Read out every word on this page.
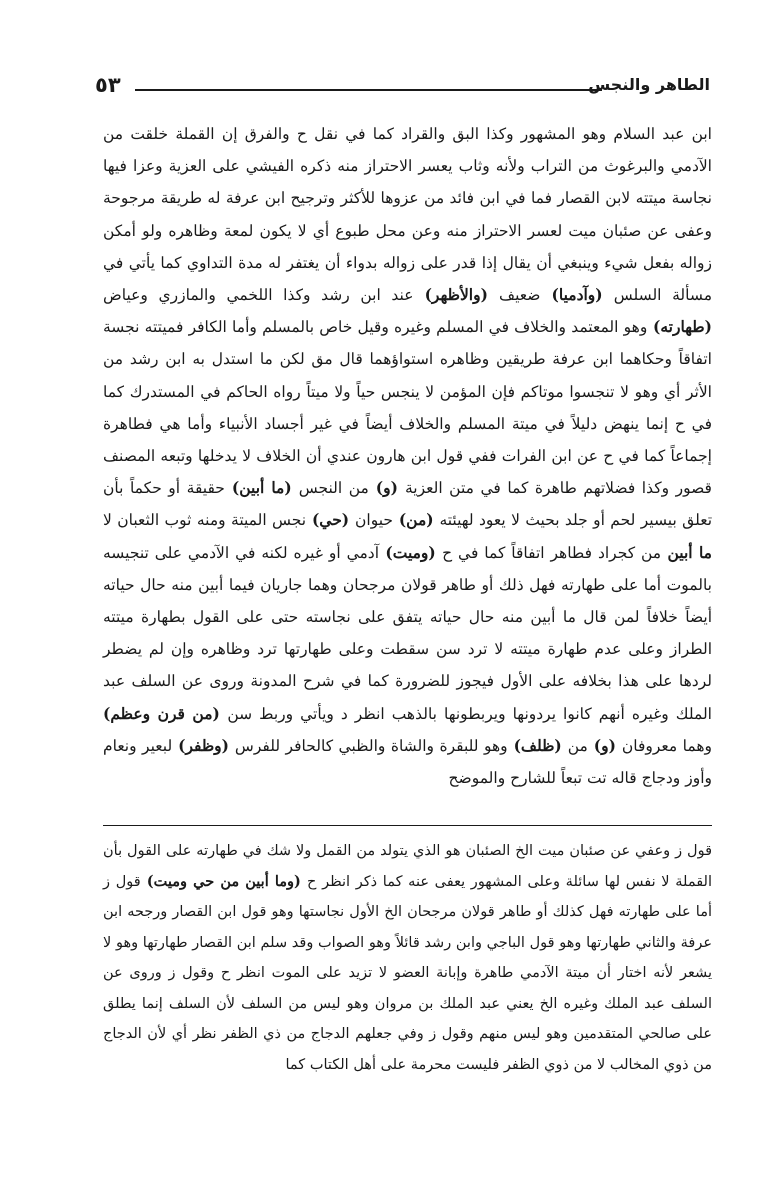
٥٣	الطاهر والنجس

ابن عبد السلام وهو المشهور وكذا البق والقراد كما في نقل ح والفرق إن القملة خلقت من الآدمي والبرغوث من التراب ولأنه وثاب يعسر الاحتراز منه ذكره الفيشي على العزية وعزا فيها نجاسة ميتته لابن القصار فما في ابن فائد من عزوها للأكثر وترجيح ابن عرفة له طريقة مرجوحة وعفى عن صئبان ميت لعسر الاحتراز منه وعن محل طبوع أي لا يكون لمعة وظاهره ولو أمكن زواله بفعل شيء وينبغي أن يقال إذا قدر على زواله بدواء أن يغتفر له مدة التداوي كما يأتي في مسألة السلس (وآدميا) ضعيف (والأظهر) عند ابن رشد وكذا اللخمي والمازري وعياض (طهارته) وهو المعتمد والخلاف في المسلم وغيره وقيل خاص بالمسلم وأما الكافر فميتته نجسة اتفاقاً وحكاهما ابن عرفة طريقين وظاهره استواؤهما قال مق لكن ما استدل به ابن رشد من الأثر أي وهو لا تنجسوا موتاكم فإن المؤمن لا ينجس حياً ولا ميتاً رواه الحاكم في المستدرك كما في ح إنما ينهض دليلاً في ميتة المسلم والخلاف أيضاً في غير أجساد الأنبياء وأما هي فطاهرة إجماعاً كما في ح عن ابن الفرات ففي قول ابن هارون عندي أن الخلاف لا يدخلها وتبعه المصنف قصور وكذا فضلاتهم طاهرة كما في متن العزية (و) من النجس (ما أبين) حقيقة أو حكماً بأن تعلق بيسير لحم أو جلد بحيث لا يعود لهيئته (من) حيوان (حي) نجس الميتة ومنه ثوب الثعبان لا ما أبين من كجراد فطاهر اتفاقاً كما في ح (وميت) آدمي أو غيره لكنه في الآدمي على تنجيسه بالموت أما على طهارته فهل ذلك أو طاهر قولان مرجحان وهما جاريان فيما أبين منه حال حياته أيضاً خلافاً لمن قال ما أبين منه حال حياته يتفق على نجاسته حتى على القول بطهارة ميتته الطراز وعلى عدم طهارة ميتته لا ترد سن سقطت وعلى طهارتها ترد وظاهره وإن لم يضطر لردها على هذا بخلافه على الأول فيجوز للضرورة كما في شرح المدونة وروى عن السلف عبد الملك وغيره أنهم كانوا يردونها ويربطونها بالذهب انظر د ويأتي وربط سن (من قرن وعظم) وهما معروفان (و) من (ظلف) وهو للبقرة والشاة والظبي كالحافر للفرس (وظفر) لبعير ونعام وأوز ودجاج قاله تت تبعاً للشارح والموضح

قول ز وعفي عن صئبان ميت الخ الصئبان هو الذي يتولد من القمل ولا شك في طهارته على القول بأن القملة لا نفس لها سائلة وعلى المشهور يعفى عنه كما ذكر انظر ح (وما أبين من حي وميت) قول ز أما على طهارته فهل كذلك أو طاهر قولان مرجحان الخ الأول نجاستها وهو قول ابن القصار ورجحه ابن عرفة والثاني طهارتها وهو قول الباجي وابن رشد قائلاً وهو الصواب وقد سلم ابن القصار طهارتها وهو لا يشعر لأنه اختار أن ميتة الآدمي طاهرة وإبانة العضو لا تزيد على الموت انظر ح وقول ز وروى عن السلف عبد الملك وغيره الخ يعني عبد الملك بن مروان وهو ليس من السلف لأن السلف إنما يطلق على صالحي المتقدمين وهو ليس منهم وقول ز وفي جعلهم الدجاج من ذي الظفر نظر أي لأن الدجاج من ذوي المخالب لا من ذوي الظفر فليست محرمة على أهل الكتاب كما
